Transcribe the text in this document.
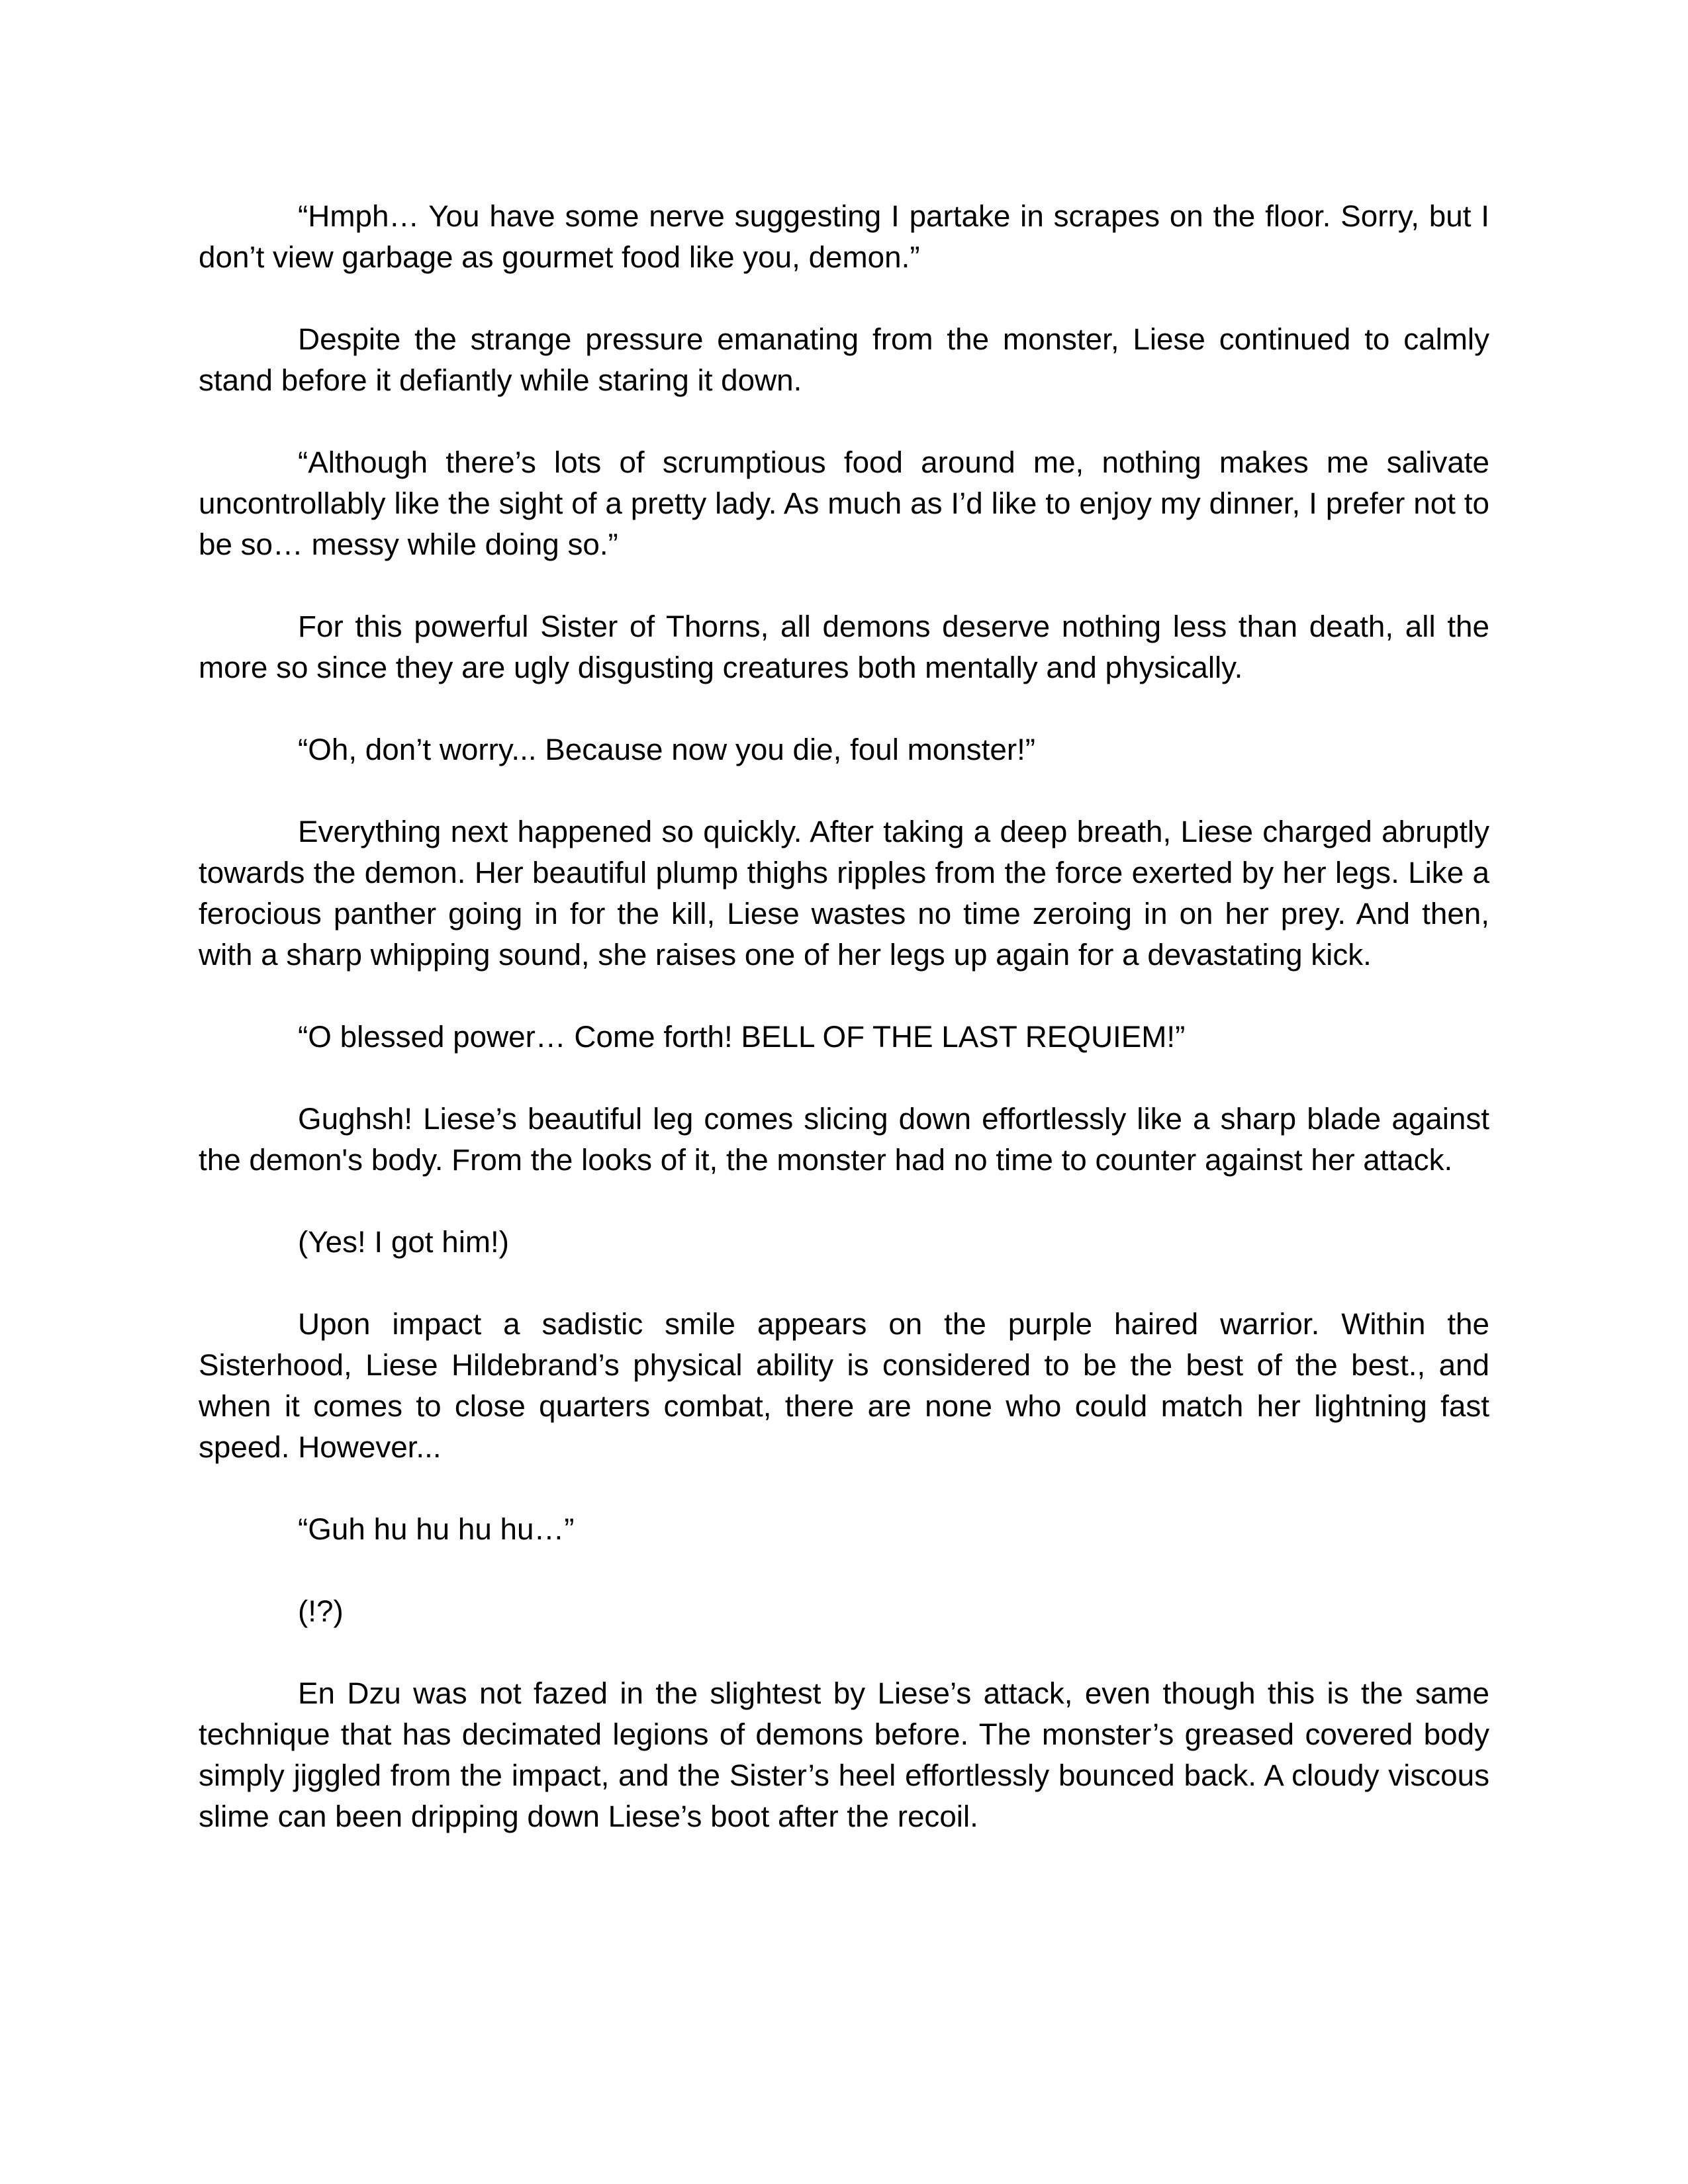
“Hmph… You have some nerve suggesting I partake in scrapes on the floor. Sorry, but I don’t view garbage as gourmet food like you, demon.”

Despite the strange pressure emanating from the monster, Liese continued to calmly stand before it defiantly while staring it down.

“Although there’s lots of scrumptious food around me, nothing makes me salivate uncontrollably like the sight of a pretty lady. As much as I’d like to enjoy my dinner, I prefer not to be so… messy while doing so.”

For this powerful Sister of Thorns, all demons deserve nothing less than death, all the more so since they are ugly disgusting creatures both mentally and physically.

“Oh, don’t worry... Because now you die, foul monster!”

Everything next happened so quickly. After taking a deep breath, Liese charged abruptly towards the demon. Her beautiful plump thighs ripples from the force exerted by her legs. Like a ferocious panther going in for the kill, Liese wastes no time zeroing in on her prey. And then, with a sharp whipping sound, she raises one of her legs up again for a devastating kick.

“O blessed power… Come forth! BELL OF THE LAST REQUIEM!”

Gughsh! Liese’s beautiful leg comes slicing down effortlessly like a sharp blade against the demon's body. From the looks of it, the monster had no time to counter against her attack.

(Yes! I got him!)

Upon impact a sadistic smile appears on the purple haired warrior. Within the Sisterhood, Liese Hildebrand’s physical ability is considered to be the best of the best., and when it comes to close quarters combat, there are none who could match her lightning fast speed. However...

“Guh hu hu hu hu…”

(!?)

En Dzu was not fazed in the slightest by Liese’s attack, even though this is the same technique that has decimated legions of demons before. The monster’s greased covered body simply jiggled from the impact, and the Sister’s heel effortlessly bounced back. A cloudy viscous slime can been dripping down Liese’s boot after the recoil.
